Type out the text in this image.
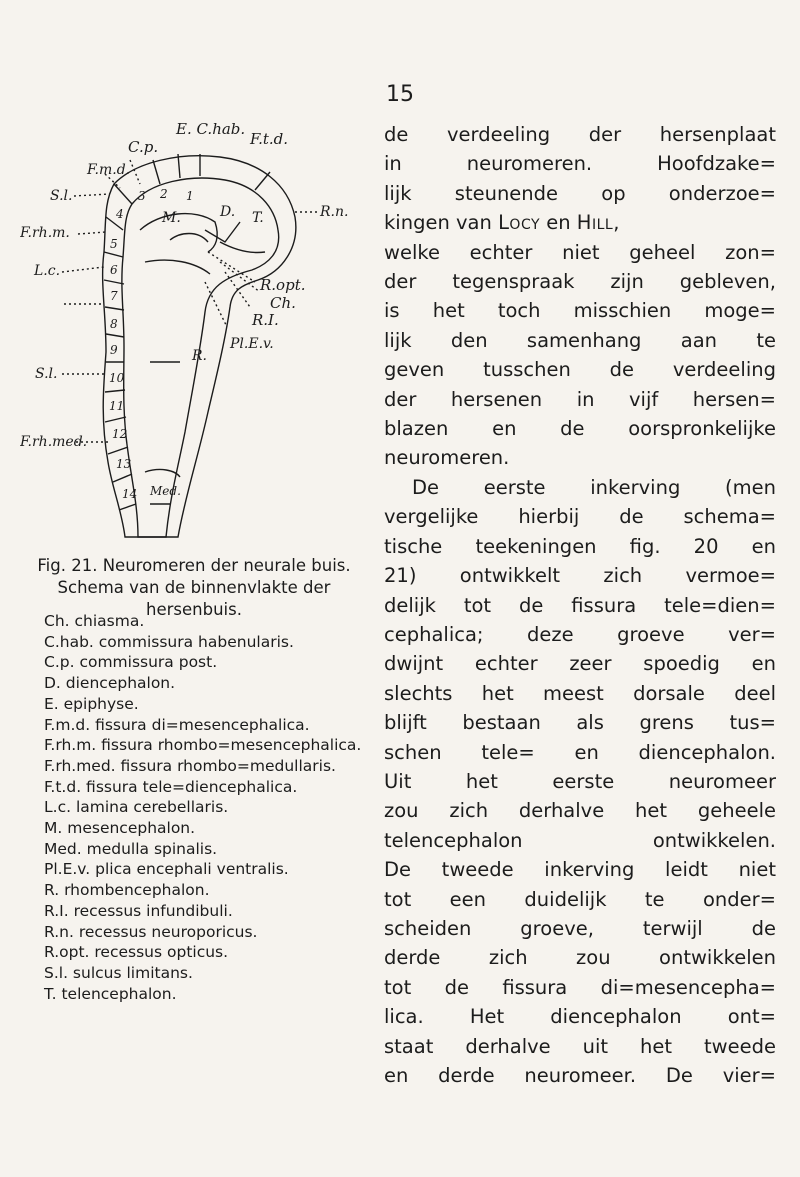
15
E. C.hab.
C.p.	F.t.d.
F.m.d.
S.l.
F.rh.m.
L.c.
S.l.
F.rh.med.
R.n.
R.opt.
Ch.
R.I.
Pl.E.v.
M.	D. T.
R.
Med.
1
2
3
4
5
6
7
8
9
10
11
12
13
14
Fig. 21. Neuromeren der neurale buis.
Schema van de binnenvlakte der hersenbuis.
Ch. chiasma.
C.hab. commissura habenularis.
C.p. commissura post.
D. diencephalon.
E. epiphyse.
F.m.d. fissura di=mesencephalica.
F.rh.m. fissura rhombo=mesencephalica.
F.rh.med. fissura rhombo=medullaris.
F.t.d. fissura tele=diencephalica.
L.c. lamina cerebellaris.
M. mesencephalon.
Med. medulla spinalis.
Pl.E.v. plica encephali ventralis.
R. rhombencephalon.
R.I. recessus infundibuli.
R.n. recessus neuroporicus.
R.opt. recessus opticus.
S.l. sulcus limitans.
T. telencephalon.
de verdeeling der hersenplaat
in neuromeren. Hoofdzake=
lijk steunende op onderzoe=
kingen van Locy en Hill,
welke echter niet geheel zon=
der tegenspraak zijn gebleven,
is het toch misschien moge=
lijk den samenhang aan te
geven tusschen de verdeeling
der hersenen in vijf hersen=
blazen en de oorspronkelijke
neuromeren.
De eerste inkerving (men
vergelijke hierbij de schema=
tische teekeningen fig. 20 en
21) ontwikkelt zich vermoe=
delijk tot de fissura tele=dien=
cephalica; deze groeve ver=
dwijnt echter zeer spoedig en
slechts het meest dorsale deel
blijft bestaan als grens tus=
schen tele= en diencephalon.
Uit het eerste neuromeer
zou zich derhalve het geheele
telencephalon ontwikkelen.
De tweede inkerving leidt niet
tot een duidelijk te onder=
scheiden groeve, terwijl de
derde zich zou ontwikkelen
tot de fissura di=mesencepha=
lica. Het diencephalon ont=
staat derhalve uit het tweede
en derde neuromeer. De vier=
